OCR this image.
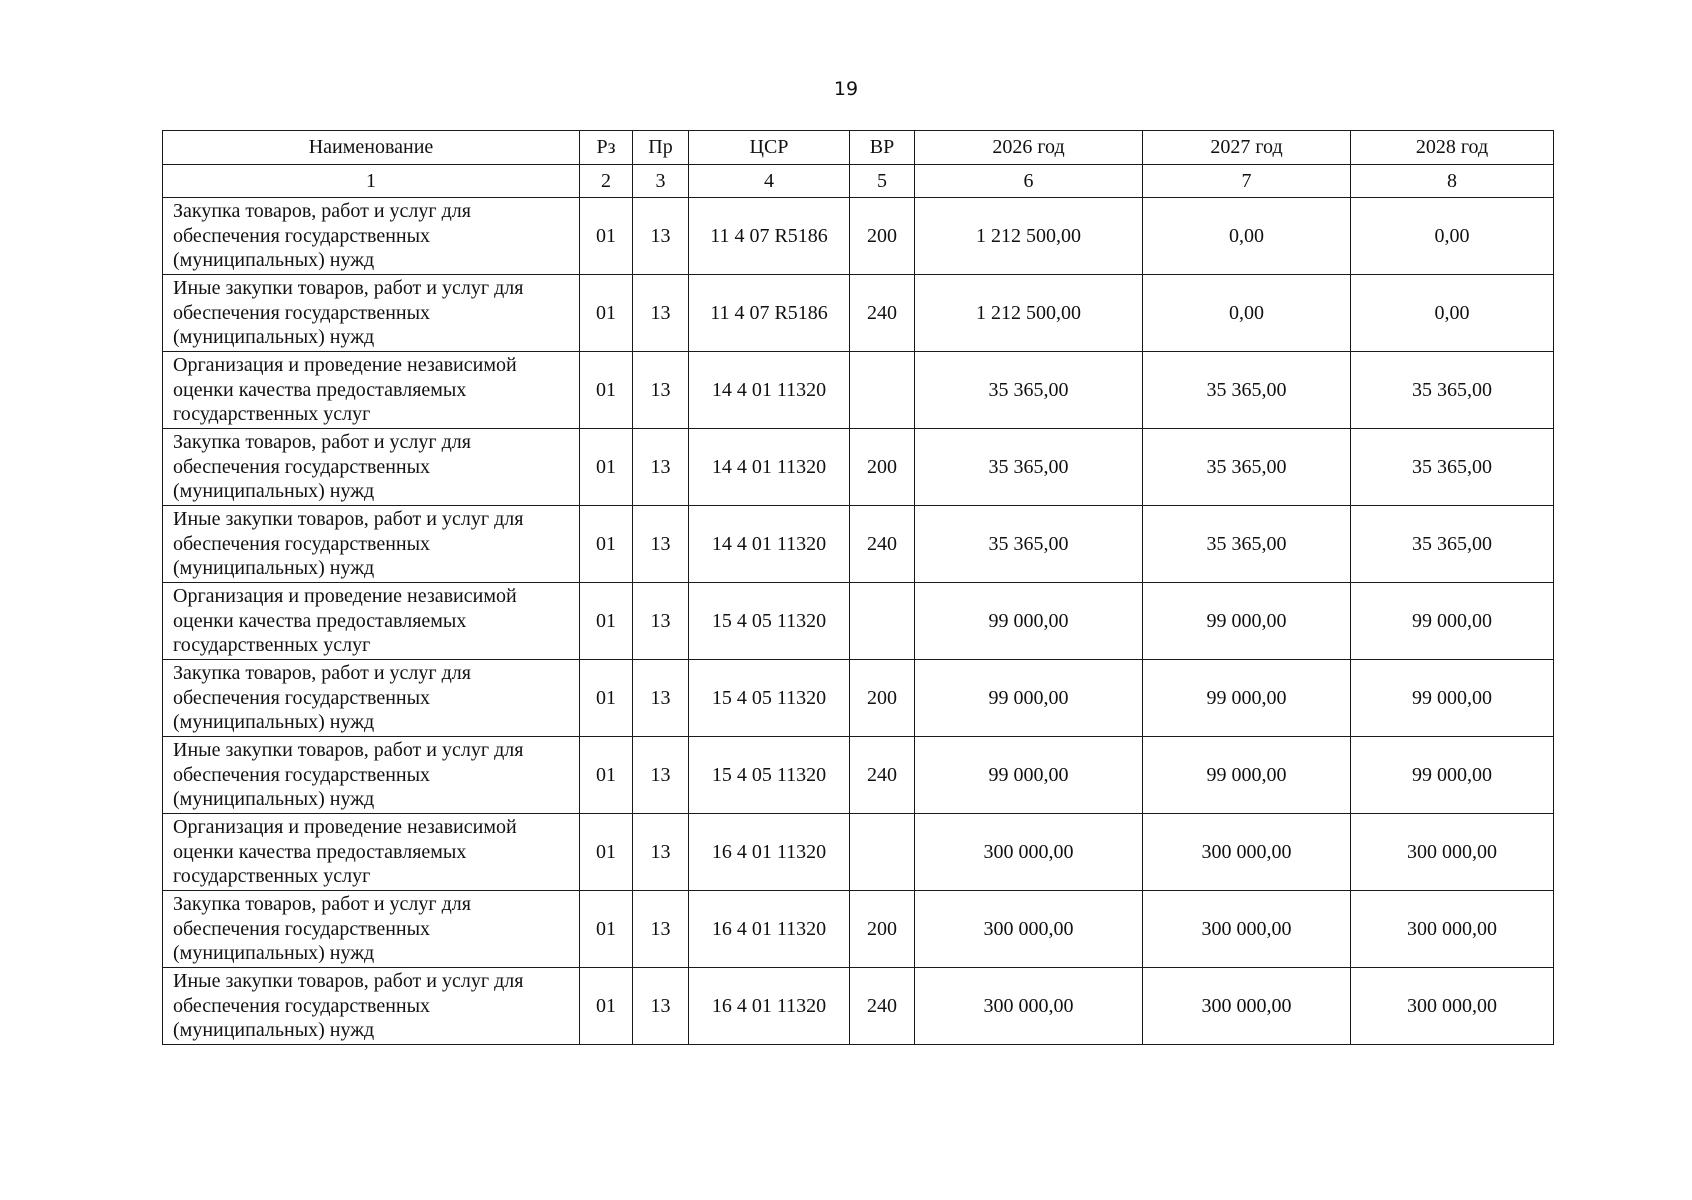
19
Наименование	Рз	Пр	ЦСР	ВР	2026 год	2027 год	2028 год
1	2	3	4	5	6	7	8
Закупка товаров, работ и услуг для
обеспечения государственных
(муниципальных) нужд	01	13	11 4 07 R5186	200	1 212 500,00	0,00	0,00
Иные закупки товаров, работ и услуг для
обеспечения государственных
(муниципальных) нужд	01	13	11 4 07 R5186	240	1 212 500,00	0,00	0,00
Организация и проведение независимой
оценки качества предоставляемых
государственных услуг	01	13	14 4 01 11320		35 365,00	35 365,00	35 365,00
Закупка товаров, работ и услуг для
обеспечения государственных
(муниципальных) нужд	01	13	14 4 01 11320	200	35 365,00	35 365,00	35 365,00
Иные закупки товаров, работ и услуг для
обеспечения государственных
(муниципальных) нужд	01	13	14 4 01 11320	240	35 365,00	35 365,00	35 365,00
Организация и проведение независимой
оценки качества предоставляемых
государственных услуг	01	13	15 4 05 11320		99 000,00	99 000,00	99 000,00
Закупка товаров, работ и услуг для
обеспечения государственных
(муниципальных) нужд	01	13	15 4 05 11320	200	99 000,00	99 000,00	99 000,00
Иные закупки товаров, работ и услуг для
обеспечения государственных
(муниципальных) нужд	01	13	15 4 05 11320	240	99 000,00	99 000,00	99 000,00
Организация и проведение независимой
оценки качества предоставляемых
государственных услуг	01	13	16 4 01 11320		300 000,00	300 000,00	300 000,00
Закупка товаров, работ и услуг для
обеспечения государственных
(муниципальных) нужд	01	13	16 4 01 11320	200	300 000,00	300 000,00	300 000,00
Иные закупки товаров, работ и услуг для
обеспечения государственных
(муниципальных) нужд	01	13	16 4 01 11320	240	300 000,00	300 000,00	300 000,00
